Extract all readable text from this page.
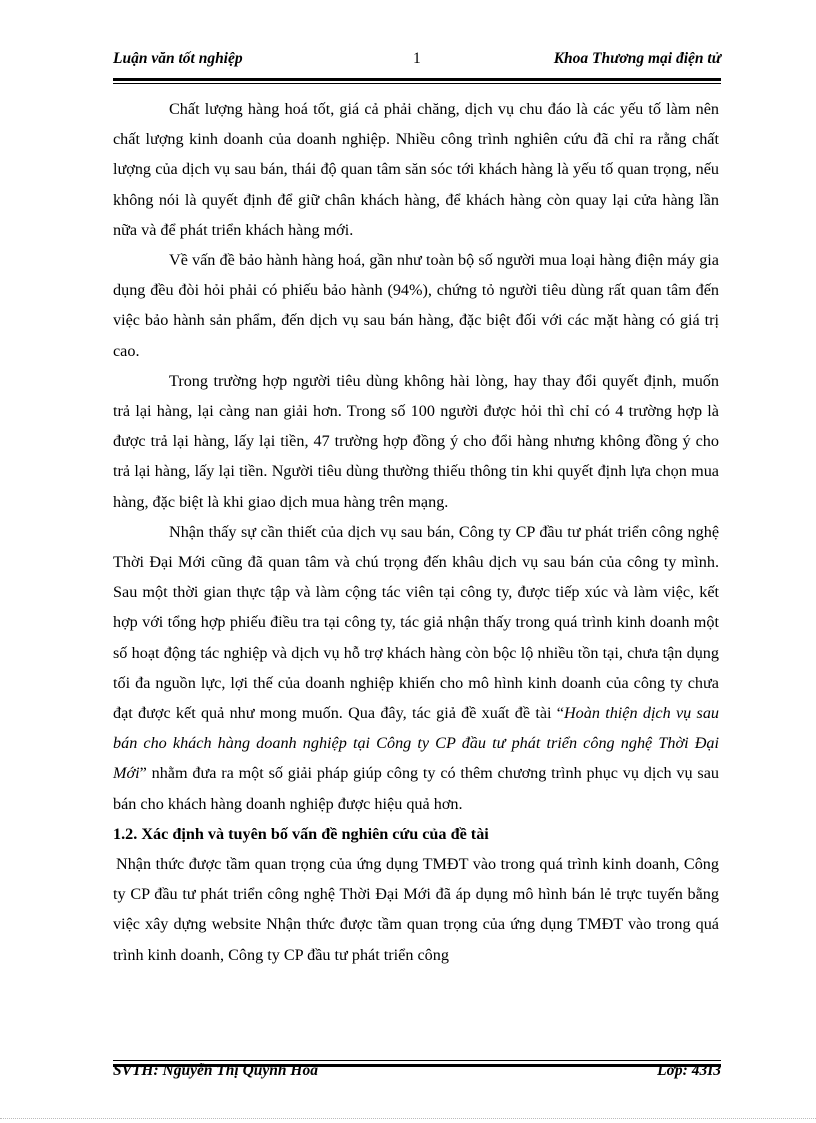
Luận văn tốt nghiệp	1	Khoa Thương mại điện tử

Chất lượng hàng hoá tốt, giá cả phải chăng, dịch vụ chu đáo là các yếu tố làm nên chất lượng kinh doanh của doanh nghiệp. Nhiều công trình nghiên cứu đã chỉ ra rằng chất lượng của dịch vụ sau bán, thái độ quan tâm săn sóc tới khách hàng là yếu tố quan trọng, nếu không nói là quyết định để giữ chân khách hàng, để khách hàng còn quay lại cửa hàng lần nữa và để phát triển khách hàng mới.

Về vấn đề bảo hành hàng hoá, gần như toàn bộ số người mua loại hàng điện máy gia dụng đều đòi hỏi phải có phiếu bảo hành (94%), chứng tỏ người tiêu dùng rất quan tâm đến việc bảo hành sản phẩm, đến dịch vụ sau bán hàng, đặc biệt đối với các mặt hàng có giá trị cao.

Trong trường hợp người tiêu dùng không hài lòng, hay thay đổi quyết định, muốn trả lại hàng, lại càng nan giải hơn. Trong số 100 người được hỏi thì chỉ có 4 trường hợp là được trả lại hàng, lấy lại tiền, 47 trường hợp đồng ý cho đổi hàng nhưng không đồng ý cho trả lại hàng, lấy lại tiền. Người tiêu dùng thường thiếu thông tin khi quyết định lựa chọn mua hàng, đặc biệt là khi giao dịch mua hàng trên mạng.

Nhận thấy sự cần thiết của dịch vụ sau bán, Công ty CP đầu tư phát triển công nghệ Thời Đại Mới cũng đã quan tâm và chú trọng đến khâu dịch vụ sau bán của công ty mình. Sau một thời gian thực tập và làm cộng tác viên tại công ty, được tiếp xúc và làm việc, kết hợp với tổng hợp phiếu điều tra tại công ty, tác giả nhận thấy trong quá trình kinh doanh một số hoạt động tác nghiệp và dịch vụ hỗ trợ khách hàng còn bộc lộ nhiều tồn tại, chưa tận dụng tối đa nguồn lực, lợi thế của doanh nghiệp khiến cho mô hình kinh doanh của công ty chưa đạt được kết quả như mong muốn. Qua đây, tác giả đề xuất đề tài “Hoàn thiện dịch vụ sau bán cho khách hàng doanh nghiệp tại Công ty CP đầu tư phát triển công nghệ Thời Đại Mới” nhằm đưa ra một số giải pháp giúp công ty có thêm chương trình phục vụ dịch vụ sau bán cho khách hàng doanh nghiệp được hiệu quả hơn.

1.2. Xác định và tuyên bố vấn đề nghiên cứu của đề tài

Nhận thức được tầm quan trọng của ứng dụng TMĐT vào trong quá trình kinh doanh, Công ty CP đầu tư phát triển công nghệ Thời Đại Mới đã áp dụng mô hình bán lẻ trực tuyến bằng việc xây dựng website Nhận thức được tầm quan trọng của ứng dụng TMĐT vào trong quá trình kinh doanh, Công ty CP đầu tư phát triển công

SVTH: Nguyễn Thị Quỳnh Hoa	Lớp: 43I3
